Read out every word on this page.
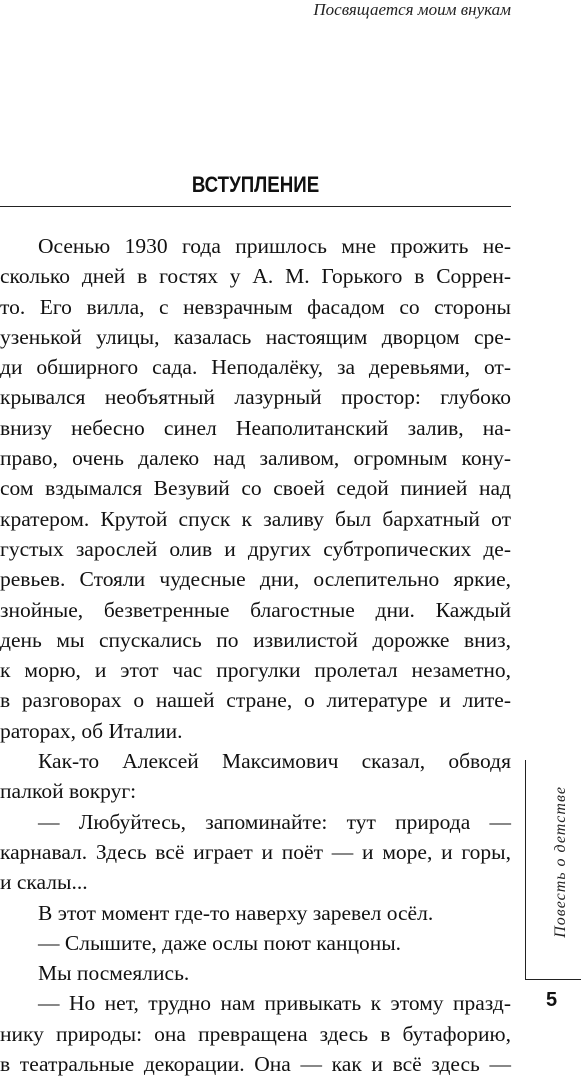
Посвящается моим внукам
ВСТУПЛЕНИЕ
Осенью 1930 года пришлось мне прожить не-
сколько дней в гостях у А. М. Горького в Соррен-
то. Его вилла, с невзрачным фасадом со стороны
узенькой улицы, казалась настоящим дворцом сре-
ди обширного сада. Неподалёку, за деревьями, от-
крывался необъятный лазурный простор: глубоко
внизу небесно синел Неаполитанский залив, на-
право, очень далеко над заливом, огромным кону-
сом вздымался Везувий со своей седой пинией над
кратером. Крутой спуск к заливу был бархатный от
густых зарослей олив и других субтропических де-
ревьев. Стояли чудесные дни, ослепительно яркие,
знойные, безветренные благостные дни. Каждый
день мы спускались по извилистой дорожке вниз,
к морю, и этот час прогулки пролетал незаметно,
в разговорах о нашей стране, о литературе и лите-
раторах, об Италии.
Как-то Алексей Максимович сказал, обводя
палкой вокруг:
— Любуйтесь, запоминайте: тут природа —
карнавал. Здесь всё играет и поёт — и море, и горы,
и скалы...
В этот момент где-то наверху заревел осёл.
— Слышите, даже ослы поют канцоны.
Мы посмеялись.
— Но нет, трудно нам привыкать к этому празд-
нику природы: она превращена здесь в бутафорию,
в театральные декорации. Она — как и всё здесь —
Повесть о детстве
5
